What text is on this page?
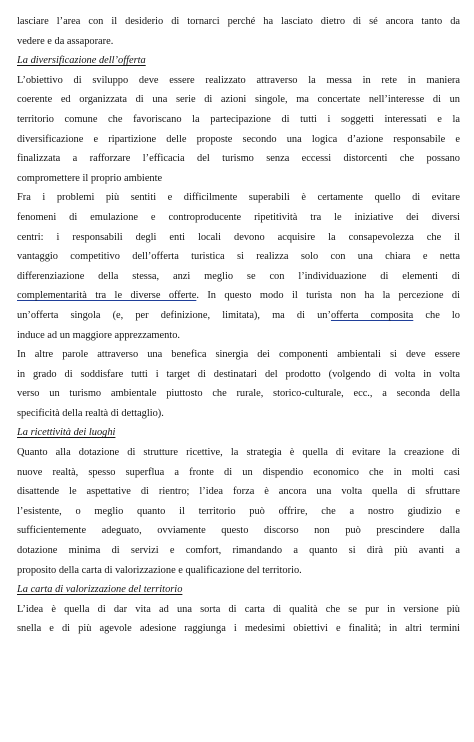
lasciare l’area con il desiderio di tornarci perché ha lasciato dietro di sé ancora tanto da
vedere e da assaporare.
La diversificazione dell’offerta
L’obiettivo di sviluppo deve essere realizzato attraverso la messa in rete in maniera
coerente ed organizzata di una serie di azioni singole, ma concertate nell’interesse di un
territorio comune che favoriscano la partecipazione di tutti i soggetti interessati e la
diversificazione e ripartizione delle proposte secondo una logica d’azione responsabile e
finalizzata a rafforzare l’efficacia del turismo senza eccessi distorcenti che possano
compromettere il proprio ambiente
Fra i problemi più sentiti e difficilmente superabili è certamente quello di evitare
fenomeni di emulazione e controproducente ripetitività tra le iniziative dei diversi
centri: i responsabili degli enti locali devono acquisire la consapevolezza che il
vantaggio competitivo dell’offerta turistica si realizza solo con una chiara e netta
differenziazione della stessa, anzi meglio se con l’individuazione di elementi di
complementarità tra le diverse offerte. In questo modo il turista non ha la percezione di
un’offerta singola (e, per definizione, limitata), ma di un’offerta composita che lo
induce ad un maggiore apprezzamento.
In altre parole attraverso una benefica sinergia dei componenti ambientali si deve essere
in grado di soddisfare tutti i target di destinatari del prodotto (volgendo di volta in volta
verso un turismo ambientale piuttosto che rurale, storico-culturale, ecc., a seconda della
specificità della realtà di dettaglio).
La ricettività dei luoghi
Quanto alla dotazione di strutture ricettive, la strategia è quella di evitare la creazione di
nuove realtà, spesso superflua a fronte di un dispendio economico che in molti casi
disattende le aspettative di rientro; l’idea forza è ancora una volta quella di sfruttare
l’esistente, o meglio quanto il territorio può offrire, che a nostro giudizio e
sufficientemente adeguato, ovviamente questo discorso non può prescindere dalla
dotazione minima di servizi e comfort, rimandando a quanto si dirà più avanti a
proposito della carta di valorizzazione e qualificazione del territorio.
La carta di valorizzazione del territorio
L’idea è quella di dar vita ad una sorta di carta di qualità che se pur in versione più
snella e di più agevole adesione raggiunga i medesimi obiettivi e finalità; in altri termini
